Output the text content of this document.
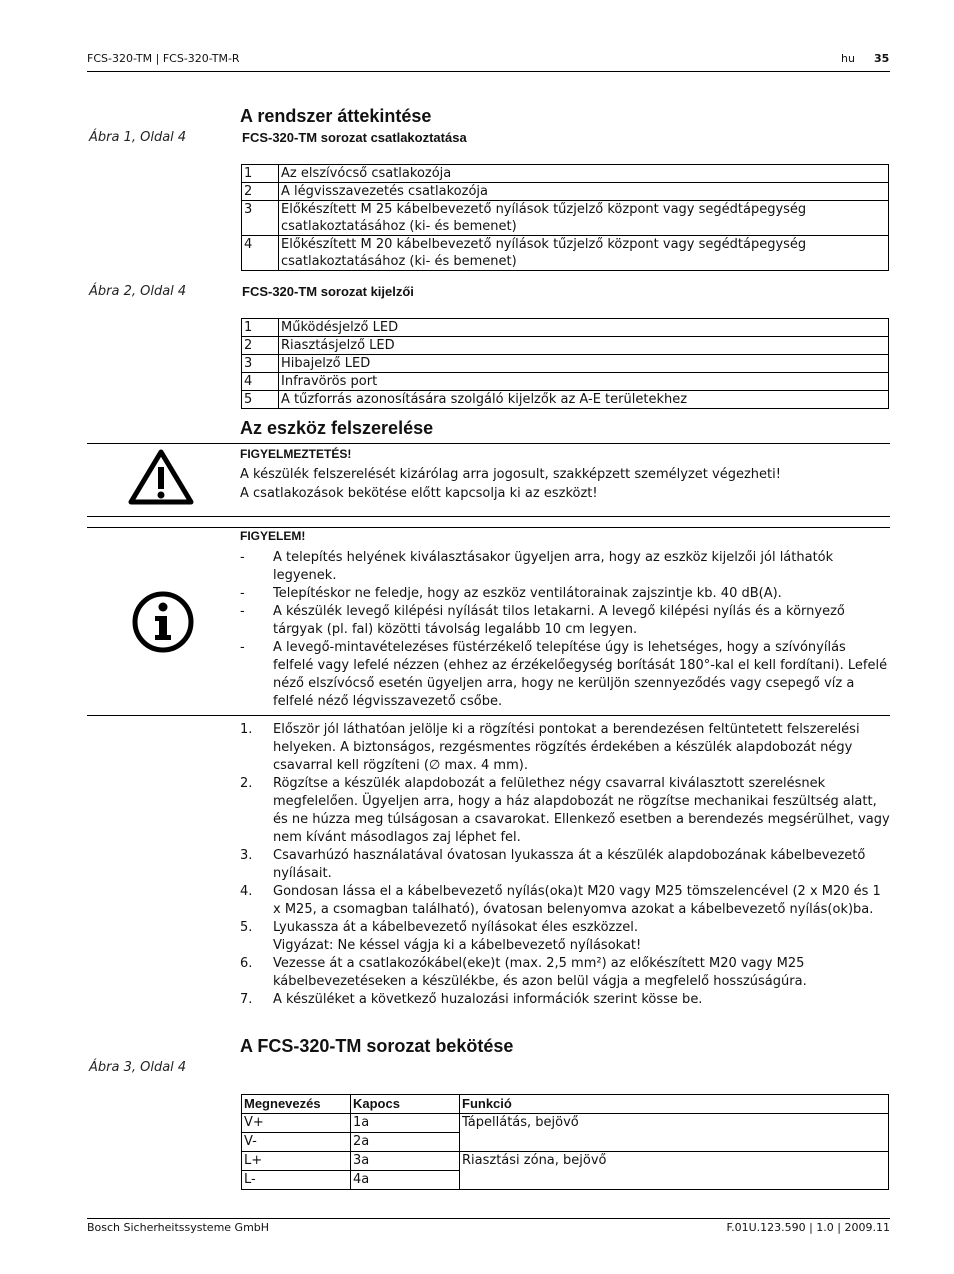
FCS-320-TM | FCS-320-TM-R	hu 35
A rendszer áttekintése
Ábra 1, Oldal 4	FCS-320-TM sorozat csatlakoztatása
1	Az elszívócső csatlakozója
2	A légvisszavezetés csatlakozója
3	Előkészített M 25 kábelbevezető nyílások tűzjelző központ vagy segédtápegység csatlakoztatásához (ki- és bemenet)
4	Előkészített M 20 kábelbevezető nyílások tűzjelző központ vagy segédtápegység csatlakoztatásához (ki- és bemenet)
Ábra 2, Oldal 4	FCS-320-TM sorozat kijelzői
1	Működésjelző LED
2	Riasztásjelző LED
3	Hibajelző LED
4	Infravörös port
5	A tűzforrás azonosítására szolgáló kijelzők az A-E területekhez
Az eszköz felszerelése
FIGYELMEZTETÉS!
A készülék felszerelését kizárólag arra jogosult, szakképzett személyzet végezheti!
A csatlakozások bekötése előtt kapcsolja ki az eszközt!
FIGYELEM!
- A telepítés helyének kiválasztásakor ügyeljen arra, hogy az eszköz kijelzői jól láthatók legyenek.
- Telepítéskor ne feledje, hogy az eszköz ventilátorainak zajszintje kb. 40 dB(A).
- A készülék levegő kilépési nyílását tilos letakarni. A levegő kilépési nyílás és a környező tárgyak (pl. fal) közötti távolság legalább 10 cm legyen.
- A levegő-mintavételezéses füstérzékelő telepítése úgy is lehetséges, hogy a szívónyílás felfelé vagy lefelé nézzen (ehhez az érzékelőegység borítását 180°-kal el kell fordítani). Lefelé néző elszívócső esetén ügyeljen arra, hogy ne kerüljön szennyeződés vagy csepegő víz a felfelé néző légvisszavezető csőbe.
1. Először jól láthatóan jelölje ki a rögzítési pontokat a berendezésen feltüntetett felszerelési helyeken. A biztonságos, rezgésmentes rögzítés érdekében a készülék alapdobozát négy csavarral kell rögzíteni (∅ max. 4 mm).
2. Rögzítse a készülék alapdobozát a felülethez négy csavarral kiválasztott szerelésnek megfelelően. Ügyeljen arra, hogy a ház alapdobozát ne rögzítse mechanikai feszültség alatt, és ne húzza meg túlságosan a csavarokat. Ellenkező esetben a berendezés megsérülhet, vagy nem kívánt másodlagos zaj léphet fel.
3. Csavarhúzó használatával óvatosan lyukassza át a készülék alapdobozának kábelbevezető nyílásait.
4. Gondosan lássa el a kábelbevezető nyílás(oka)t M20 vagy M25 tömszelencével (2 x M20 és 1 x M25, a csomagban található), óvatosan belenyomva azokat a kábelbevezető nyílás(ok)ba.
5. Lyukassza át a kábelbevezető nyílásokat éles eszközzel.
Vigyázat: Ne késsel vágja ki a kábelbevezető nyílásokat!
6. Vezesse át a csatlakozókábel(eke)t (max. 2,5 mm²) az előkészített M20 vagy M25 kábelbevezetéseken a készülékbe, és azon belül vágja a megfelelő hosszúságúra.
7. A készüléket a következő huzalozási információk szerint kösse be.
A FCS-320-TM sorozat bekötése
Ábra 3, Oldal 4
Megnevezés	Kapocs	Funkció
V+	1a	Tápellátás, bejövő
V-	2a	
L+	3a	Riasztási zóna, bejövő
L-	4a	
Bosch Sicherheitssysteme GmbH	F.01U.123.590 | 1.0 | 2009.11
